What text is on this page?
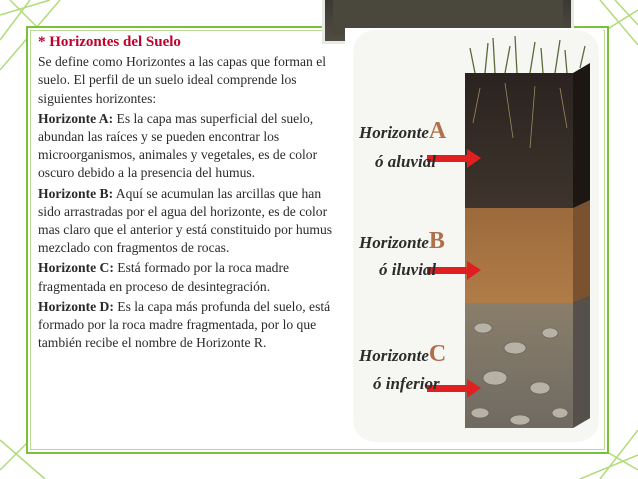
* Horizontes del Suelo

Se define como Horizontes a las capas que forman el suelo. El perfil de un suelo ideal comprende los siguientes horizontes:

Horizonte A: Es la capa mas superficial del suelo, abundan las raíces y se pueden encontrar los microorganismos, animales y vegetales, es de color oscuro debido a la presencia del humus.

Horizonte B: Aquí se acumulan las arcillas que han sido arrastradas por el agua del horizonte, es de color mas claro que el anterior y está constituido por humus mezclado con fragmentos de rocas.

Horizonte C: Está formado por la roca madre fragmentada en proceso de desintegración.

Horizonte D: Es la capa más profunda del suelo, está formado por la roca madre fragmentada, por lo que también recibe el nombre de Horizonte R.

HorizonteA
ó aluvial
HorizonteB
ó iluvial
HorizonteC
ó inferior
